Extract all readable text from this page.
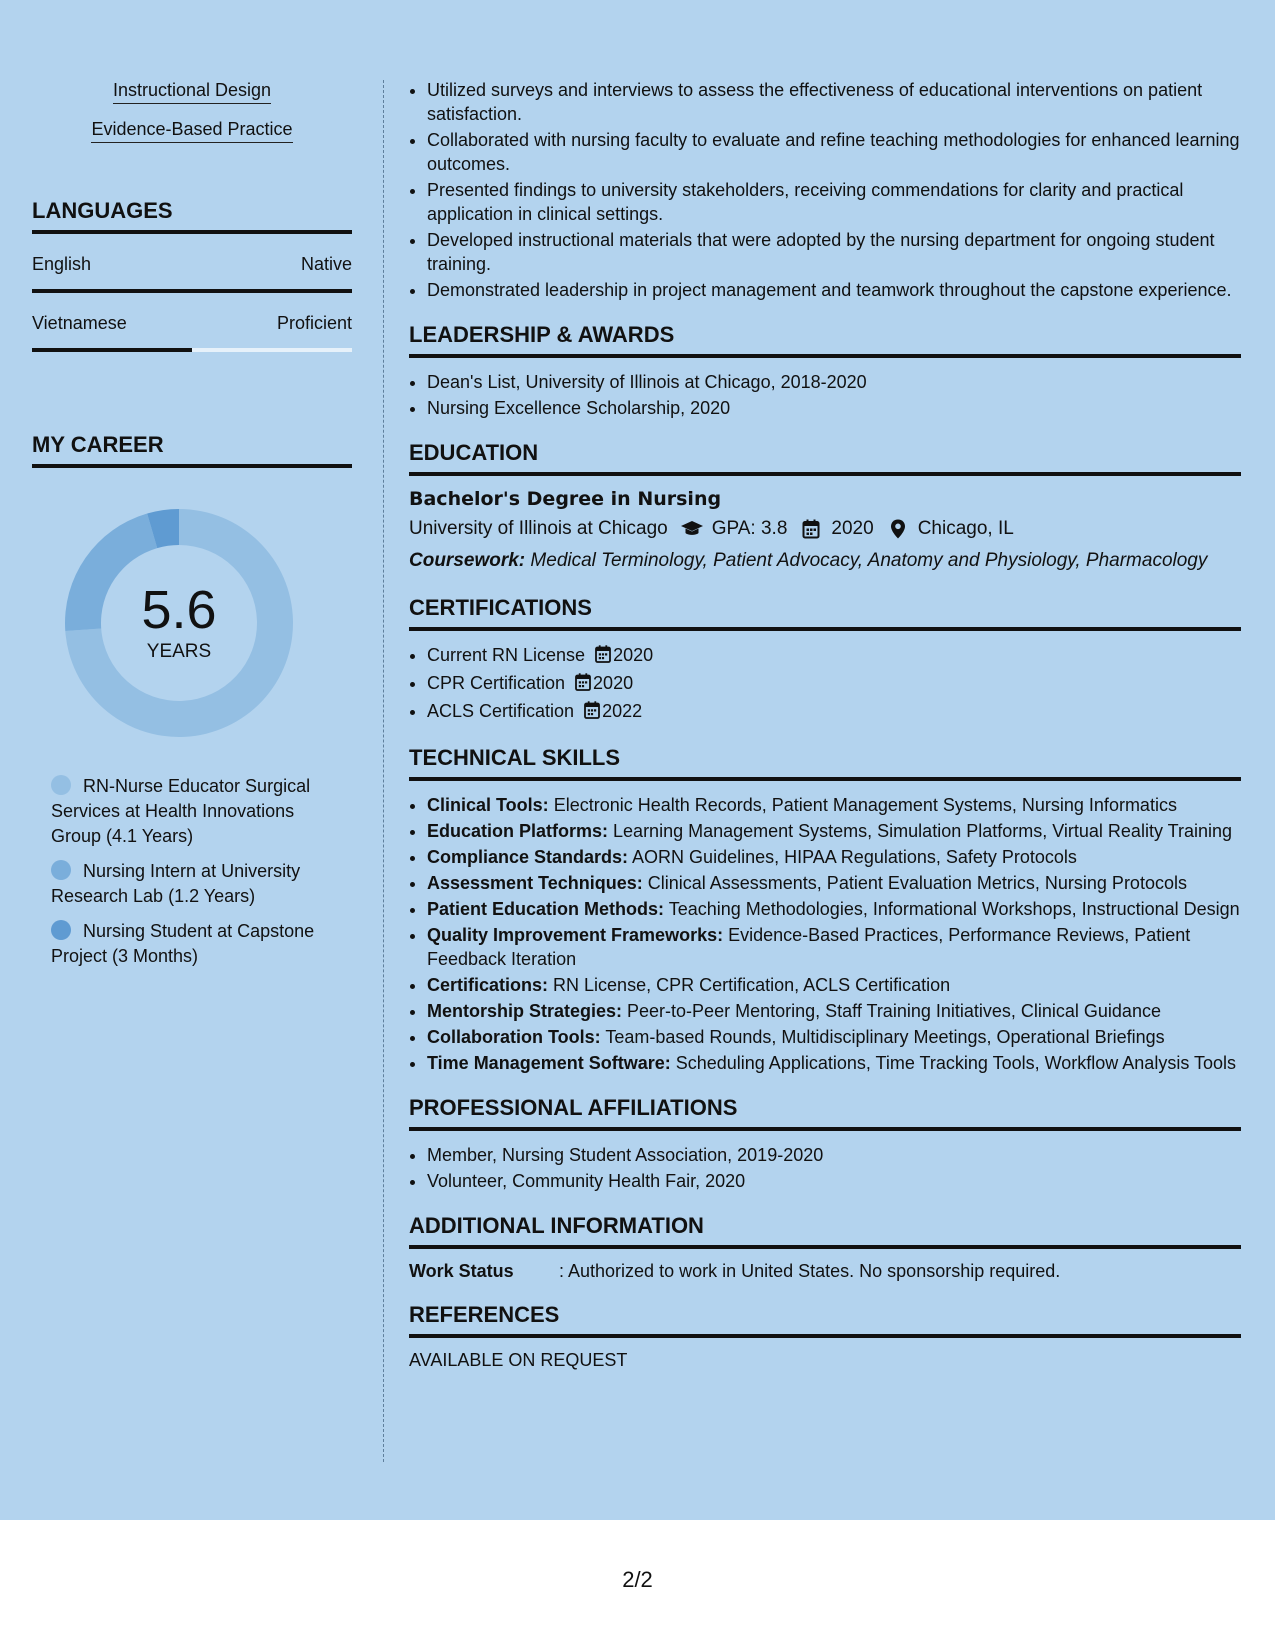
Instructional Design
Evidence-Based Practice
LANGUAGES
English	Native
Vietnamese	Proficient
MY CAREER
5.6
YEARS
RN-Nurse Educator Surgical Services at Health Innovations Group (4.1 Years)
Nursing Intern at University Research Lab (1.2 Years)
Nursing Student at Capstone Project (3 Months)
• Utilized surveys and interviews to assess the effectiveness of educational interventions on patient satisfaction.
• Collaborated with nursing faculty to evaluate and refine teaching methodologies for enhanced learning outcomes.
• Presented findings to university stakeholders, receiving commendations for clarity and practical application in clinical settings.
• Developed instructional materials that were adopted by the nursing department for ongoing student training.
• Demonstrated leadership in project management and teamwork throughout the capstone experience.
LEADERSHIP & AWARDS
• Dean's List, University of Illinois at Chicago, 2018-2020
• Nursing Excellence Scholarship, 2020
EDUCATION
Bachelor's Degree in Nursing
University of Illinois at Chicago GPA: 3.8 2020 Chicago, IL
Coursework: Medical Terminology, Patient Advocacy, Anatomy and Physiology, Pharmacology
CERTIFICATIONS
• Current RN License 2020
• CPR Certification 2020
• ACLS Certification 2022
TECHNICAL SKILLS
• Clinical Tools: Electronic Health Records, Patient Management Systems, Nursing Informatics
• Education Platforms: Learning Management Systems, Simulation Platforms, Virtual Reality Training
• Compliance Standards: AORN Guidelines, HIPAA Regulations, Safety Protocols
• Assessment Techniques: Clinical Assessments, Patient Evaluation Metrics, Nursing Protocols
• Patient Education Methods: Teaching Methodologies, Informational Workshops, Instructional Design
• Quality Improvement Frameworks: Evidence-Based Practices, Performance Reviews, Patient Feedback Iteration
• Certifications: RN License, CPR Certification, ACLS Certification
• Mentorship Strategies: Peer-to-Peer Mentoring, Staff Training Initiatives, Clinical Guidance
• Collaboration Tools: Team-based Rounds, Multidisciplinary Meetings, Operational Briefings
• Time Management Software: Scheduling Applications, Time Tracking Tools, Workflow Analysis Tools
PROFESSIONAL AFFILIATIONS
• Member, Nursing Student Association, 2019-2020
• Volunteer, Community Health Fair, 2020
ADDITIONAL INFORMATION
Work Status	: Authorized to work in United States. No sponsorship required.
REFERENCES
AVAILABLE ON REQUEST
2/2
